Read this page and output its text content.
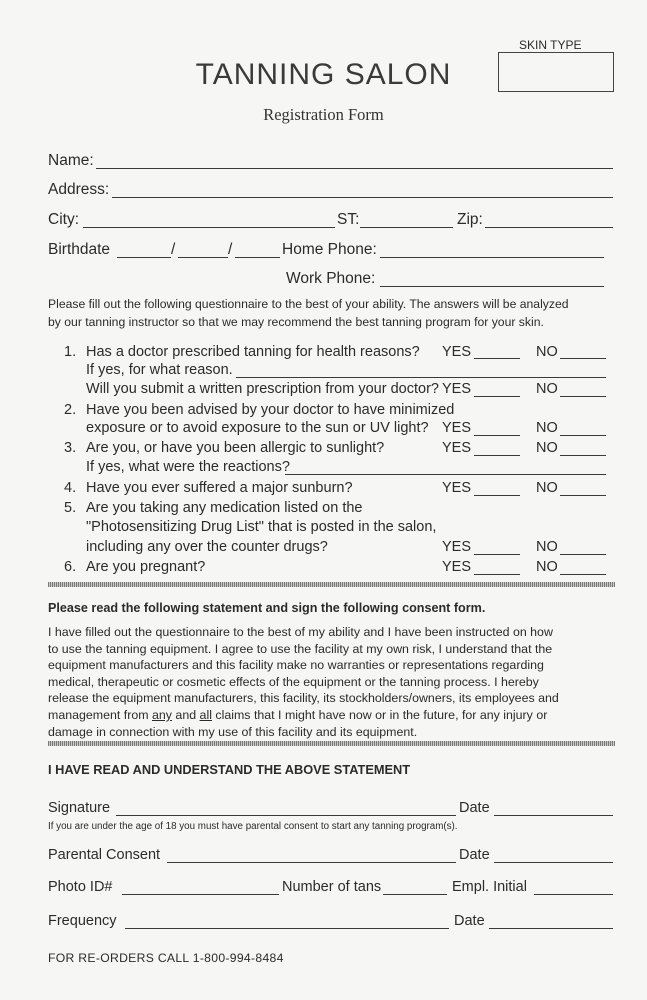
SKIN TYPE
TANNING SALON
Registration Form
Name:
Address:
City:	ST:	Zip:
Birthdate	/	/	Home Phone:
Work Phone:
Please fill out the following questionnaire to the best of your ability. The answers will be analyzed
by our tanning instructor so that we may recommend the best tanning program for your skin.
1. Has a doctor prescribed tanning for health reasons? YES	NO
If yes, for what reason.
Will you submit a written prescription from your doctor? YES	NO
2. Have you been advised by your doctor to have minimized
exposure or to avoid exposure to the sun or UV light? YES	NO
3. Are you, or have you been allergic to sunlight?	YES	NO
If yes, what were the reactions?
4. Have you ever suffered a major sunburn?	YES	NO
5. Are you taking any medication listed on the
"Photosensitizing Drug List" that is posted in the salon,
including any over the counter drugs?	YES	NO
6. Are you pregnant?	YES	NO
Please read the following statement and sign the following consent form.
I have filled out the questionnaire to the best of my ability and I have been instructed on how
to use the tanning equipment. I agree to use the facility at my own risk, I understand that the
equipment manufacturers and this facility make no warranties or representations regarding
medical, therapeutic or cosmetic effects of the equipment or the tanning process. I hereby
release the equipment manufacturers, this facility, its stockholders/owners, its employees and
management from any and all claims that I might have now or in the future, for any injury or
damage in connection with my use of this facility and its equipment.
I HAVE READ AND UNDERSTAND THE ABOVE STATEMENT
Signature	Date
If you are under the age of 18 you must have parental consent to start any tanning program(s).
Parental Consent	Date
Photo ID#	Number of tans	Empl. Initial
Frequency	Date
FOR RE-ORDERS CALL 1-800-994-8484
